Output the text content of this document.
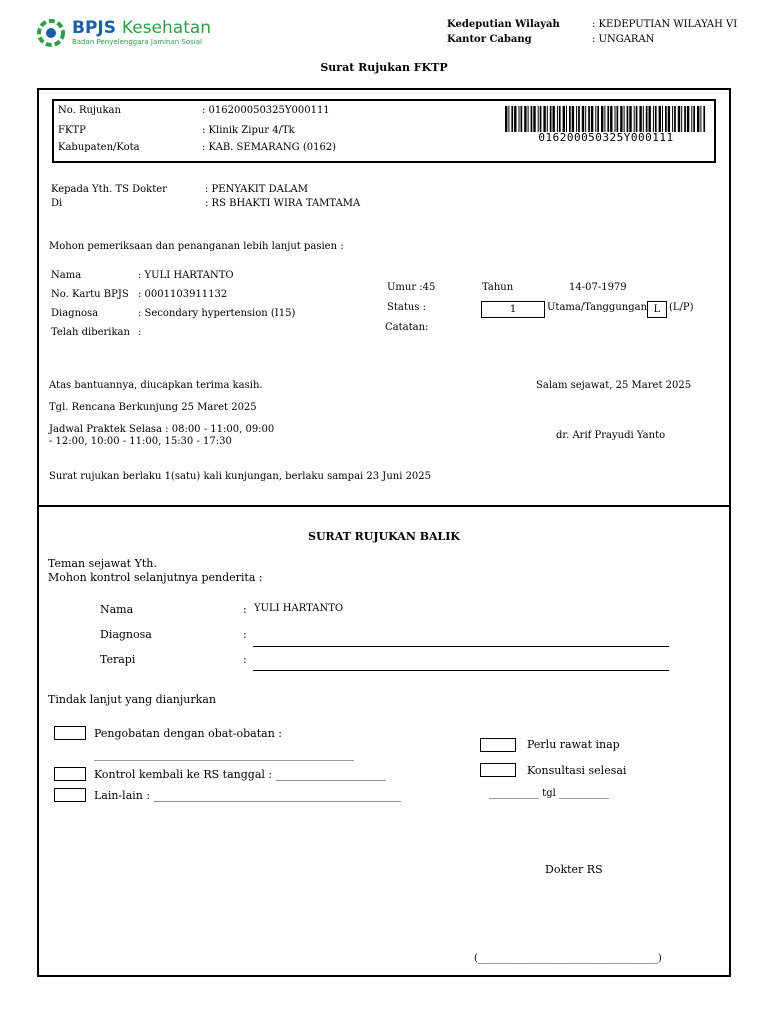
BPJS Kesehatan
Badan Penyelenggara Jaminan Sosial
Kedeputian Wilayah	: KEDEPUTIAN WILAYAH VI
Kantor Cabang	: UNGARAN
Surat Rujukan FKTP
No. Rujukan	: 016200050325Y000111
FKTP	: Klinik Zipur 4/Tk
Kabupaten/Kota	: KAB. SEMARANG (0162)
016200050325Y000111
Kepada Yth. TS Dokter	: PENYAKIT DALAM
Di	: RS BHAKTI WIRA TAMTAMA
Mohon pemeriksaan dan penanganan lebih lanjut pasien :
Nama	: YULI HARTANTO
No. Kartu BPJS : 0001103911132
Diagnosa	: Secondary hypertension (I15)
Telah diberikan :
Umur :45	Tahun	14-07-1979
Status :	1	Utama/Tanggungan L (L/P)
Catatan:
Atas bantuannya, diucapkan terima kasih.	Salam sejawat, 25 Maret 2025
Tgl. Rencana Berkunjung 25 Maret 2025
Jadwal Praktek Selasa : 08:00 - 11:00, 09:00 - 12:00, 10:00 - 11:00, 15:30 - 17:30
dr. Arif Prayudi Yanto
Surat rujukan berlaku 1(satu) kali kunjungan, berlaku sampai 23 Juni 2025
SURAT RUJUKAN BALIK
Teman sejawat Yth.
Mohon kontrol selanjutnya penderita :
Nama	: YULI HARTANTO
Diagnosa	:
Terapi	:
Tindak lanjut yang dianjurkan
Pengobatan dengan obat-obatan :
____________________________________________________
Kontrol kembali ke RS tanggal : ____________________
Lain-lain : _____________________________________________
Perlu rawat inap
Konsultasi selesai
__________ tgl __________
Dokter RS
(____________________________________)
